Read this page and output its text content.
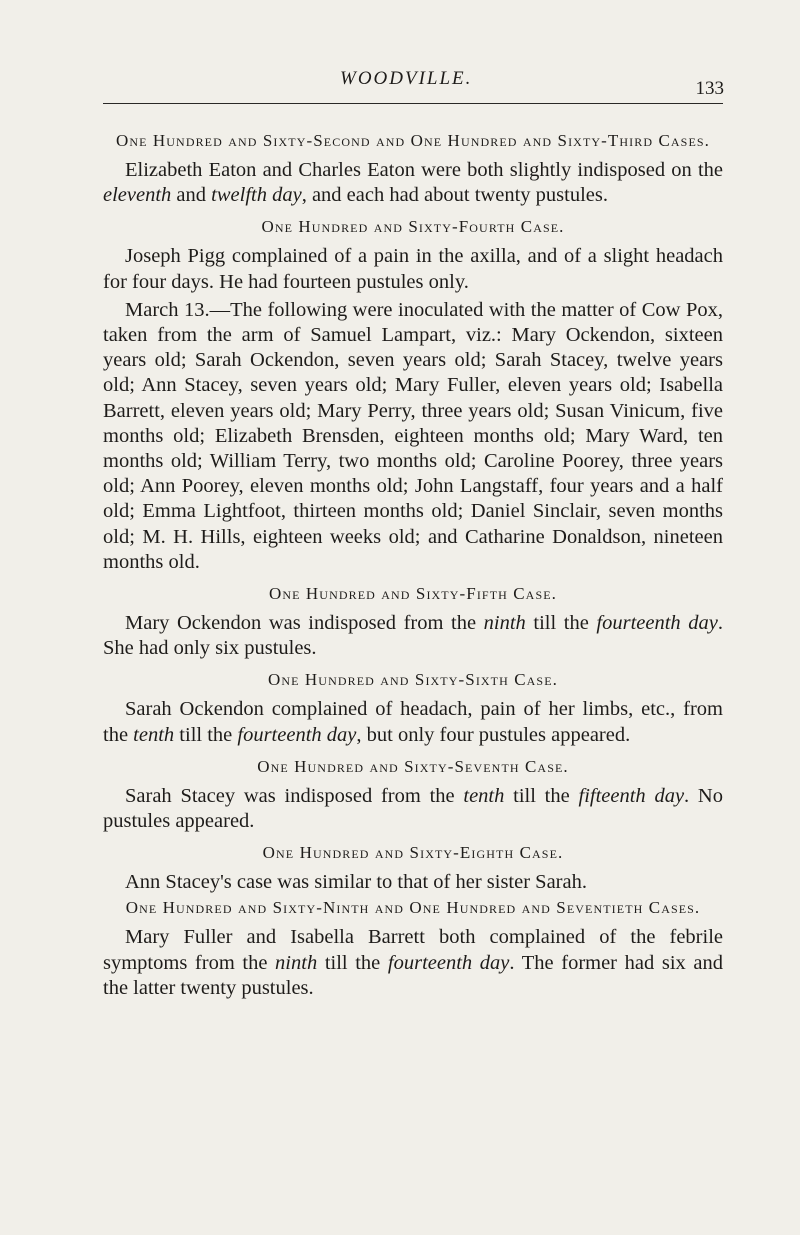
WOODVILLE.	133
One Hundred and Sixty-Second and One Hundred and Sixty-Third Cases.

Elizabeth Eaton and Charles Eaton were both slightly indisposed on the eleventh and twelfth day, and each had about twenty pustules.

One Hundred and Sixty-Fourth Case.

Joseph Pigg complained of a pain in the axilla, and of a slight headach for four days. He had fourteen pustules only.

March 13.—The following were inoculated with the matter of Cow Pox, taken from the arm of Samuel Lampart, viz.: Mary Ockendon, sixteen years old; Sarah Ockendon, seven years old; Sarah Stacey, twelve years old; Ann Stacey, seven years old; Mary Fuller, eleven years old; Isabella Barrett, eleven years old; Mary Perry, three years old; Susan Vinicum, five months old; Elizabeth Brensden, eighteen months old; Mary Ward, ten months old; William Terry, two months old; Caroline Poorey, three years old; Ann Poorey, eleven months old; John Langstaff, four years and a half old; Emma Lightfoot, thirteen months old; Daniel Sinclair, seven months old; M. H. Hills, eighteen weeks old; and Catharine Donaldson, nineteen months old.

One Hundred and Sixty-Fifth Case.

Mary Ockendon was indisposed from the ninth till the fourteenth day. She had only six pustules.

One Hundred and Sixty-Sixth Case.

Sarah Ockendon complained of headach, pain of her limbs, etc., from the tenth till the fourteenth day, but only four pustules appeared.

One Hundred and Sixty-Seventh Case.

Sarah Stacey was indisposed from the tenth till the fifteenth day. No pustules appeared.

One Hundred and Sixty-Eighth Case.

Ann Stacey's case was similar to that of her sister Sarah.

One Hundred and Sixty-Ninth and One Hundred and Seventieth Cases.

Mary Fuller and Isabella Barrett both complained of the febrile symptoms from the ninth till the fourteenth day. The former had six and the latter twenty pustules.
